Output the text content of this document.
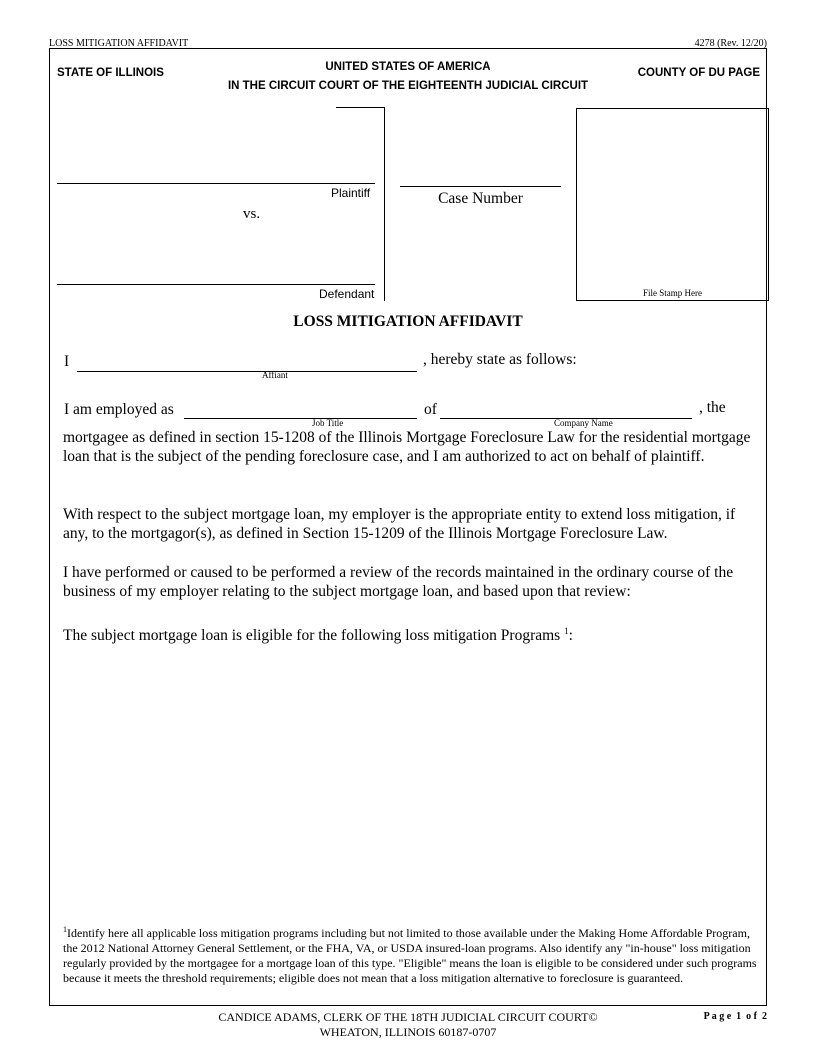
LOSS MITIGATION AFFIDAVIT	4278 (Rev. 12/20)
STATE OF ILLINOIS	UNITED STATES OF AMERICA
IN THE CIRCUIT COURT OF THE EIGHTEENTH JUDICIAL CIRCUIT
COUNTY OF DU PAGE
Plaintiff
vs.
Defendant
Case Number
File Stamp Here
LOSS MITIGATION AFFIDAVIT
I	, hereby state as follows:
Affiant
I am employed as
Job Title
of
Company Name
, the
mortgagee as defined in section 15-1208 of the Illinois Mortgage Foreclosure Law for the residential mortgage loan that is the subject of the pending foreclosure case, and I am authorized to act on behalf of plaintiff.
With respect to the subject mortgage loan, my employer is the appropriate entity to extend loss mitigation, if any, to the mortgagor(s), as defined in Section 15-1209 of the Illinois Mortgage Foreclosure Law.
I have performed or caused to be performed a review of the records maintained in the ordinary course of the business of my employer relating to the subject mortgage loan, and based upon that review:
The subject mortgage loan is eligible for the following loss mitigation Programs $^1$:
$^1$Identify here all applicable loss mitigation programs including but not limited to those available under the Making Home Affordable Program, the 2012 National Attorney General Settlement, or the FHA, VA, or USDA insured-loan programs. Also identify any "in-house" loss mitigation regularly provided by the mortgagee for a mortgage loan of this type. "Eligible" means the loan is eligible to be considered under such programs because it meets the threshold requirements; eligible does not mean that a loss mitigation alternative to foreclosure is guaranteed.
CANDICE ADAMS, CLERK OF THE 18TH JUDICIAL CIRCUIT COURT©
WHEATON, ILLINOIS 60187-0707
P a g e  1  o f  2
